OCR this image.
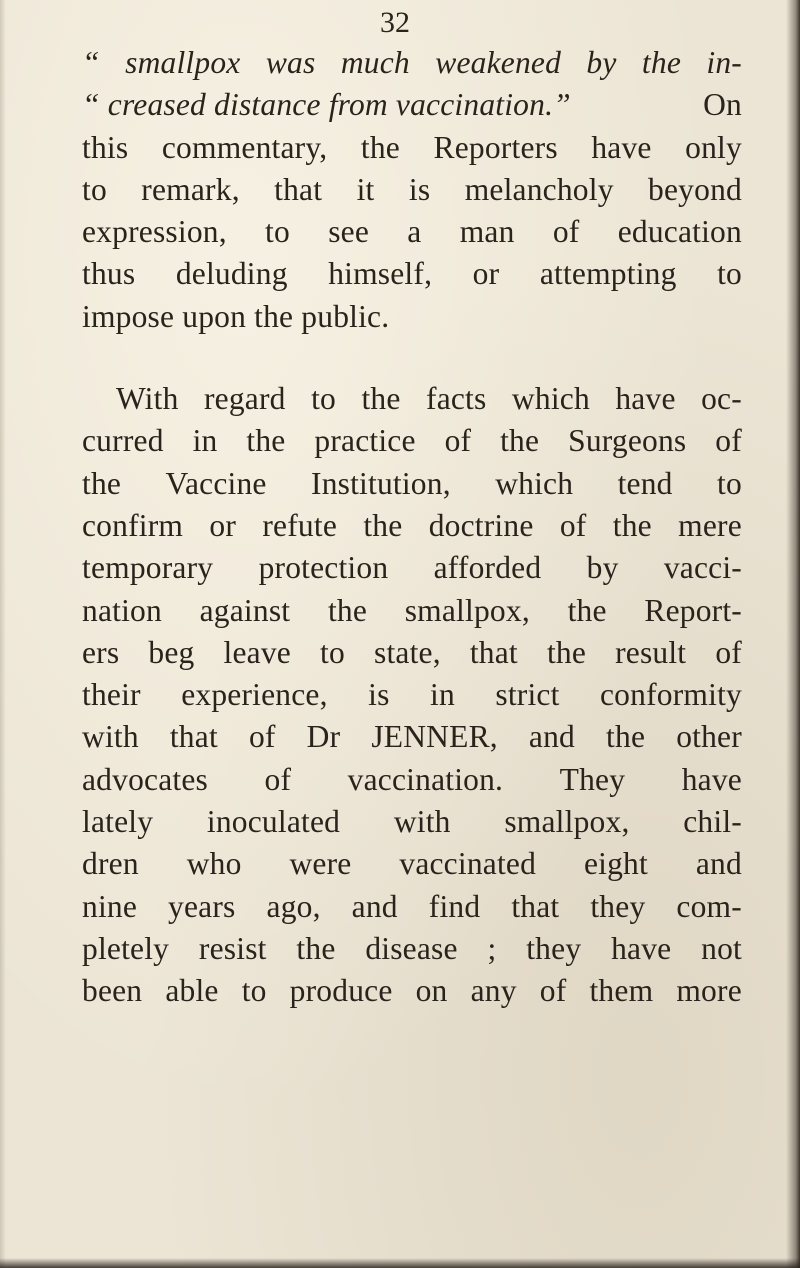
32
“ smallpox was much weakened by the in-
“ creased distance from vaccination.”	On
this commentary, the Reporters have only
to remark, that it is melancholy beyond
expression, to see a man of education
thus deluding himself, or attempting to
impose upon the public.
With regard to the facts which have oc-
curred in the practice of the Surgeons of
the Vaccine Institution, which tend to
confirm or refute the doctrine of the mere
temporary protection afforded by vacci-
nation against the smallpox, the Report-
ers beg leave to state, that the result of
their experience, is in strict conformity
with that of Dr JENNER, and the other
advocates of vaccination. They have
lately inoculated with smallpox, chil-
dren who were vaccinated eight and
nine years ago, and find that they com-
pletely resist the disease ; they have not
been able to produce on any of them more
